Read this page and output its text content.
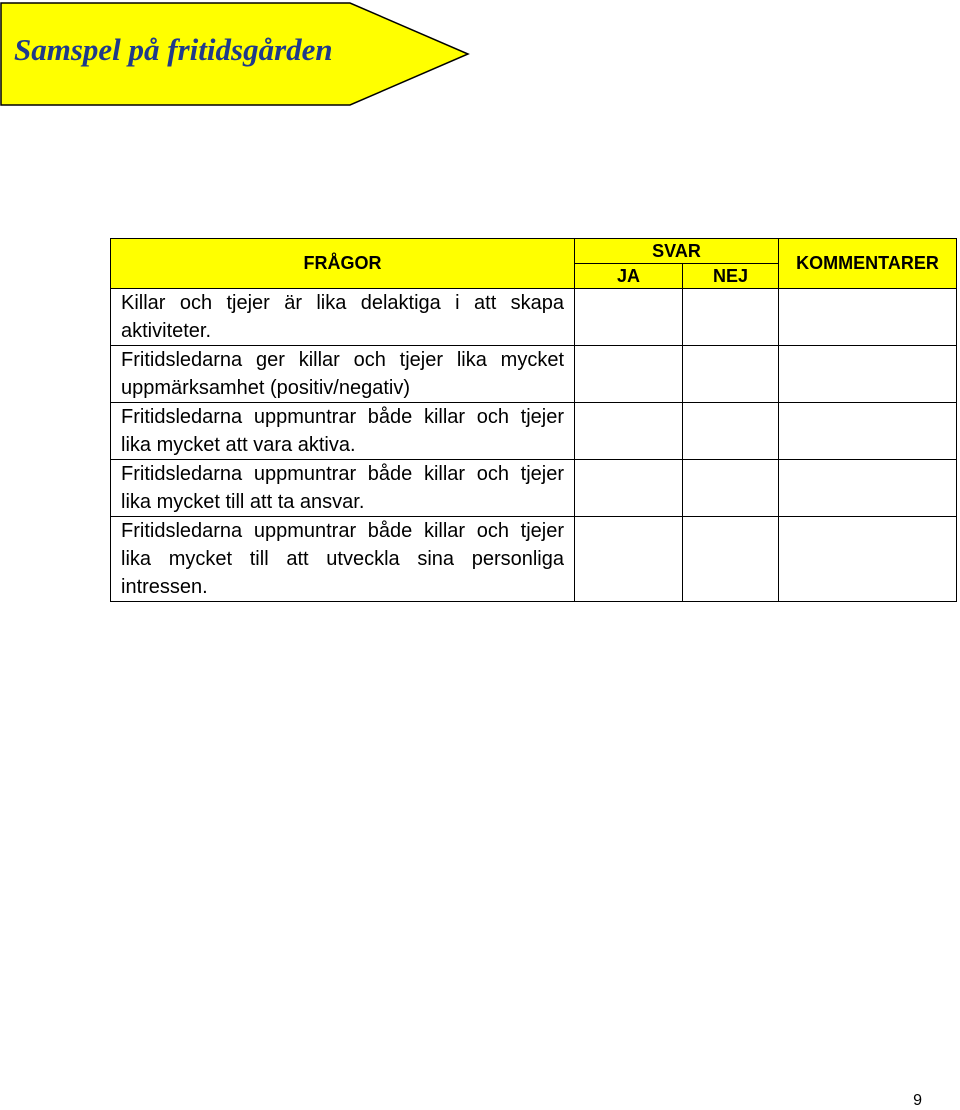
Samspel på fritidsgården
FRÅGOR	SVAR		KOMMENTARER
	JA	NEJ	

Killar och tjejer är lika delaktiga i att skapa aktiviteter.			

Fritidsledarna ger killar och tjejer lika mycket uppmärksamhet (positiv/negativ)			

Fritidsledarna uppmuntrar både killar och tjejer lika mycket att vara aktiva.			

Fritidsledarna uppmuntrar både killar och tjejer lika mycket till att ta ansvar.			

Fritidsledarna uppmuntrar både killar och tjejer lika mycket till att utveckla sina personliga intressen.			

9
